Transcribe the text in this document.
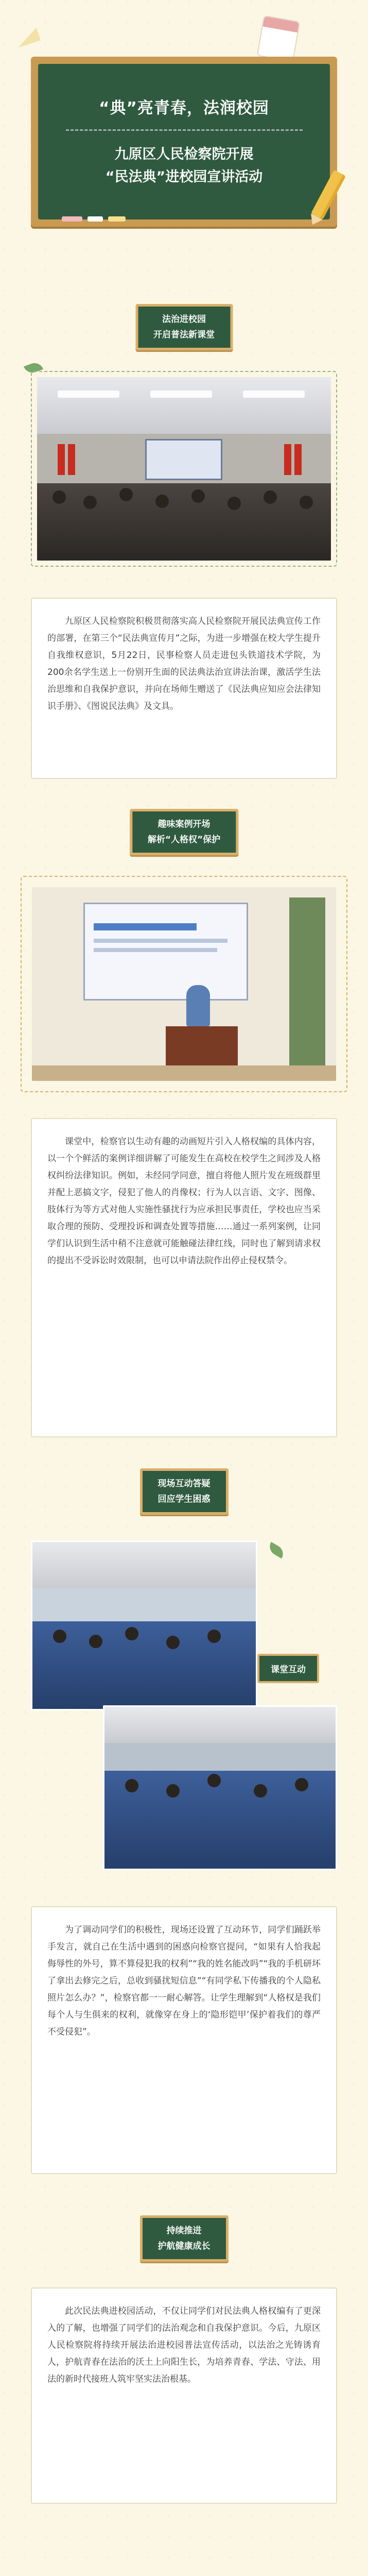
“典”亮青春，法润校园
九原区人民检察院开展
“民法典”进校园宣讲活动
法治进校园
开启普法新课堂

九原区人民检察院积极贯彻落实高人民检察院开展民法典宣传工作的部署，在第三个“民法典宣传月”之际，为进一步增强在校大学生提升自我维权意识，5月22日，民事检察人员走进包头铁道技术学院，为200余名学生送上一份别开生面的民法典法治宣讲法治课，激活学生法治思维和自我保护意识，并向在场师生赠送了《民法典应知应会法律知识手册》、《图说民法典》及文具。

趣味案例开场
解析“人格权”保护

课堂中，检察官以生动有趣的动画短片引入人格权编的具体内容，以一个个鲜活的案例详细讲解了可能发生在高校在校学生之间涉及人格权纠纷法律知识。例如，未经同学同意，擅自将他人照片发在班级群里并配上恶搞文字，侵犯了他人的肖像权；行为人以言语、文字、图像、肢体行为等方式对他人实施性骚扰行为应承担民事责任，学校也应当采取合理的预防、受理投诉和调查处置等措施……通过一系列案例，让同学们认识到生活中稍不注意就可能触碰法律红线，同时也了解到请求权的提出不受诉讼时效限制，也可以申请法院作出停止侵权禁令。

现场互动答疑
回应学生困惑
课堂互动

为了调动同学们的积极性，现场还设置了互动环节，同学们踊跃举手发言，就自己在生活中遇到的困惑向检察官提问，“如果有人恰我起侮辱性的外号，算不算侵犯我的权利”“我的姓名能改吗”“我的手机研坏了拿出去修完之后，总收到骚扰短信息”“有同学私下传播我的个人隐私照片怎么办？”，检察官都一一耐心解答。让学生理解到“人格权是我们每个人与生俱来的权利，就像穿在身上的‘隐形铠甲’保护着我们的尊严不受侵犯”。

持续推进
护航健康成长

此次民法典进校园活动，不仅让同学们对民法典人格权编有了更深入的了解，也增强了同学们的法治观念和自我保护意识。今后，九原区人民检察院将持续开展法治进校园普法宣传活动，以法治之光铸诱育人，护航青春在法治的沃土上向阳生长，为培养青春、学法、守法、用法的新时代接班人筑牢坚实法治根基。
